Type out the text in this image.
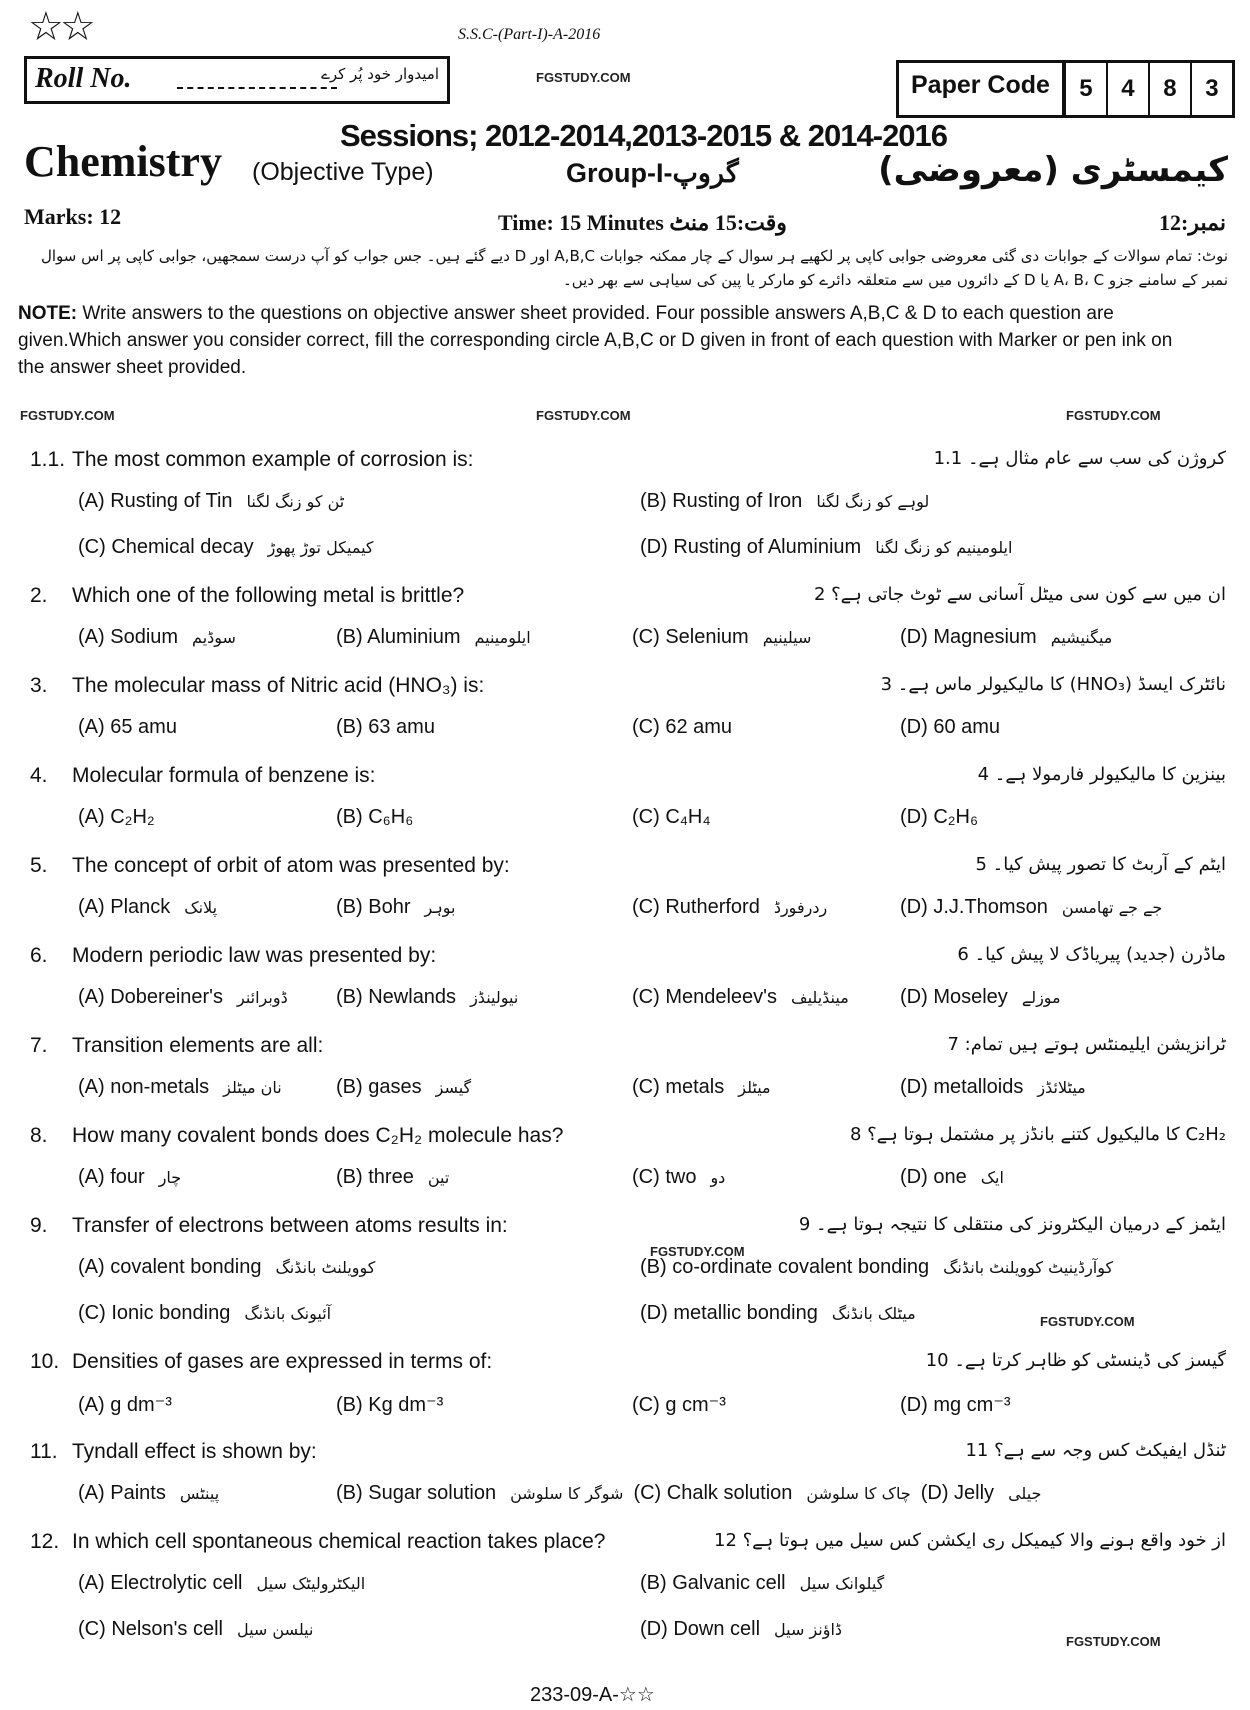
☆☆	S.S.C-(Part-I)-A-2016
Roll No.	امیدوار خود پُر کرے	FGSTUDY.COM	Paper Code	5	4	8	3
Sessions; 2012-2014,2013-2015 & 2014-2016
Chemistry (Objective Type)	Group-I-گروپ	کیمسٹری (معروضی)
Marks: 12	Time: 15 Minutes وقت:15 منٹ	نمبر:12
نوٹ: تمام سوالات کے جوابات دی گئی معروضی جوابی کاپی پر لکھیے ہر سوال کے چار ممکنہ جوابات A,B,C اور D دیے گئے ہیں۔ جس جواب کو آپ درست سمجھیں، جوابی کاپی پر اس سوال نمبر کے سامنے جزو A، B، C یا D کے دائروں میں سے متعلقہ دائرے کو مارکر یا پین کی سیاہی سے بھر دیں۔
NOTE: Write answers to the questions on objective answer sheet provided. Four possible answers A,B,C & D to each question are given.Which answer you consider correct, fill the corresponding circle A,B,C or D given in front of each question with Marker or pen ink on the answer sheet provided.
FGSTUDY.COM	FGSTUDY.COM	FGSTUDY.COM
FGSTUDY.COM
FGSTUDY.COM
FGSTUDY.COM
1.1. The most common example of corrosion is:	کروژن کی سب سے عام مثال ہے۔ 1.1
(A) Rusting of Tin ٹن کو زنگ لگنا	(B) Rusting of Iron لوہے کو زنگ لگنا
(C) Chemical decay کیمیکل توڑ پھوڑ	(D) Rusting of Aluminium ایلومینیم کو زنگ لگنا
2. Which one of the following metal is brittle?	ان میں سے کون سی میٹل آسانی سے ٹوٹ جاتی ہے؟ 2
(A) Sodium سوڈیم	(B) Aluminium ایلومینیم	(C) Selenium سیلینیم	(D) Magnesium میگنیشیم
3. The molecular mass of Nitric acid (HNO₃) is:	نائٹرک ایسڈ (HNO₃) کا مالیکیولر ماس ہے۔ 3
(A) 65 amu	(B) 63 amu	(C) 62 amu	(D) 60 amu
4. Molecular formula of benzene is:	بینزین کا مالیکیولر فارمولا ہے۔ 4
(A) C₂H₂	(B) C₆H₆	(C) C₄H₄	(D) C₂H₆
5. The concept of orbit of atom was presented by:	ایٹم کے آربٹ کا تصور پیش کیا۔ 5
(A) Planck پلانک	(B) Bohr بوہر	(C) Rutherford ردرفورڈ	(D) J.J.Thomson جے جے تھامسن
6. Modern periodic law was presented by:	ماڈرن (جدید) پیریاڈک لا پیش کیا۔ 6
(A) Dobereiner's ڈوبرائنر	(B) Newlands نیولینڈز	(C) Mendeleev's مینڈیلیف	(D) Moseley موزلے
7. Transition elements are all:	ٹرانزیشن ایلیمنٹس ہوتے ہیں تمام: 7
(A) non-metals نان میٹلز	(B) gases گیسز	(C) metals میٹلز	(D) metalloids میٹلائڈز
8. How many covalent bonds does C₂H₂ molecule has?	C₂H₂ کا مالیکیول کتنے بانڈز پر مشتمل ہوتا ہے؟ 8
(A) four چار	(B) three تین	(C) two دو	(D) one ایک
9. Transfer of electrons between atoms results in:	ایٹمز کے درمیان الیکٹرونز کی منتقلی کا نتیجہ ہوتا ہے۔ 9
(A) covalent bonding کوویلنٹ بانڈنگ	(B) co-ordinate covalent bonding کوآرڈینیٹ کوویلنٹ بانڈنگ
(C) Ionic bonding آئیونک بانڈنگ	(D) metallic bonding میٹلک بانڈنگ
10. Densities of gases are expressed in terms of:	گیسز کی ڈینسٹی کو ظاہر کرتا ہے۔ 10
(A) g dm⁻³	(B) Kg dm⁻³	(C) g cm⁻³	(D) mg cm⁻³
11. Tyndall effect is shown by:	ٹنڈل ایفیکٹ کس وجہ سے ہے؟ 11
(A) Paints پینٹس	(B) Sugar solution شوگر کا سلوشن (C) Chalk solution چاک کا سلوشن (D) Jelly جیلی
12. In which cell spontaneous chemical reaction takes place?	از خود واقع ہونے والا کیمیکل ری ایکشن کس سیل میں ہوتا ہے؟ 12
(A) Electrolytic cell الیکٹرولیٹک سیل	(B) Galvanic cell گیلوانک سیل
(C) Nelson's cell نیلسن سیل	(D) Down cell ڈاؤنز سیل
233-09-A-☆☆
